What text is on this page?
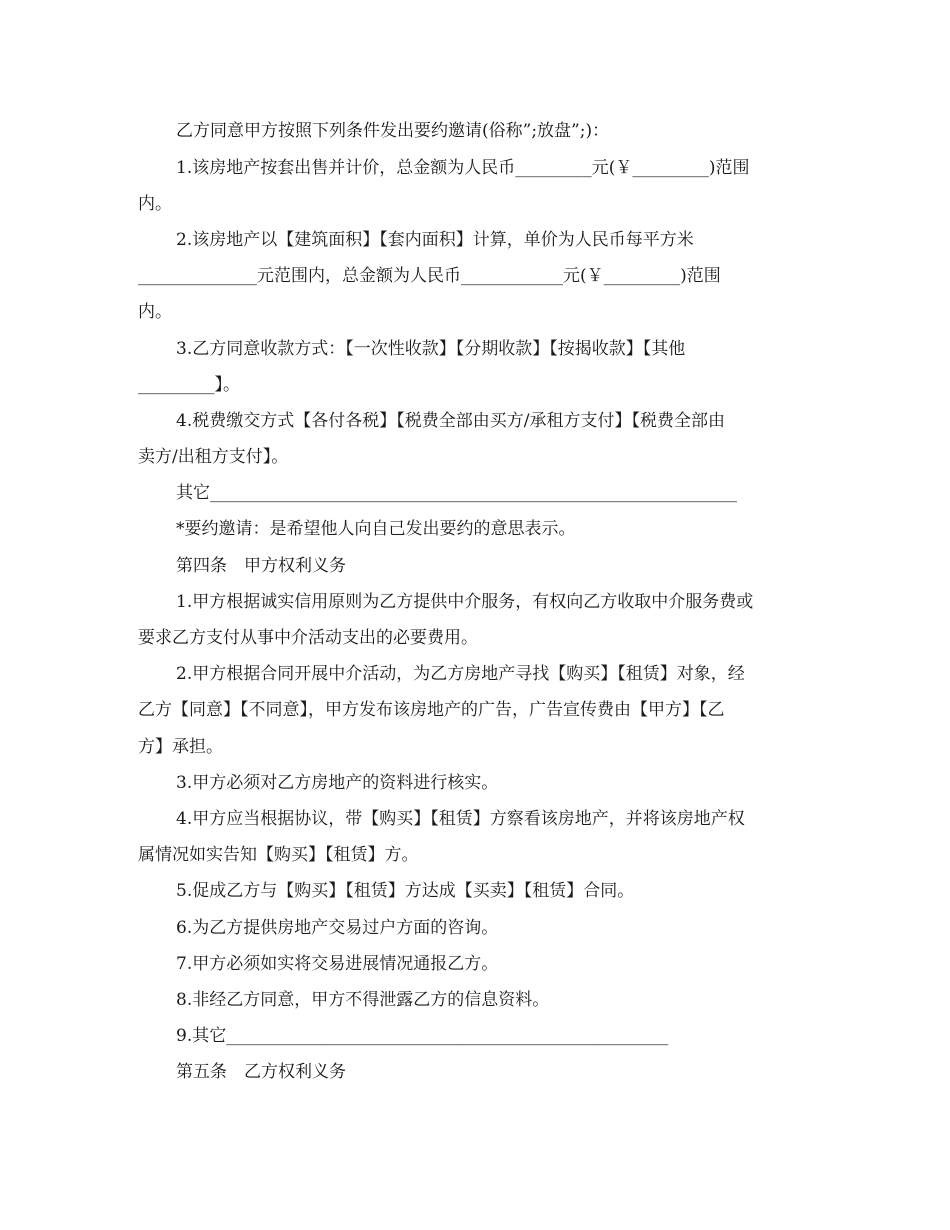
乙方同意甲方按照下列条件发出要约邀请(俗称”;放盘”;)：
1.该房地产按套出售并计价，总金额为人民币_________元(￥_________)范围
内。
2.该房地产以【建筑面积】【套内面积】计算，单价为人民币每平方米
______________元范围内，总金额为人民币____________元(￥_________)范围
内。
3.乙方同意收款方式：【一次性收款】【分期收款】【按揭收款】【其他
_________】。
4.税费缴交方式【各付各税】【税费全部由买方/承租方支付】【税费全部由
卖方/出租方支付】。
其它______________________________________________________________
*要约邀请：是希望他人向自己发出要约的意思表示。
第四条　甲方权利义务
1.甲方根据诚实信用原则为乙方提供中介服务，有权向乙方收取中介服务费或
要求乙方支付从事中介活动支出的必要费用。
2.甲方根据合同开展中介活动，为乙方房地产寻找【购买】【租赁】对象，经
乙方【同意】【不同意】，甲方发布该房地产的广告，广告宣传费由【甲方】【乙
方】承担。
3.甲方必须对乙方房地产的资料进行核实。
4.甲方应当根据协议，带【购买】【租赁】方察看该房地产，并将该房地产权
属情况如实告知【购买】【租赁】方。
5.促成乙方与【购买】【租赁】方达成【买卖】【租赁】合同。
6.为乙方提供房地产交易过户方面的咨询。
7.甲方必须如实将交易进展情况通报乙方。
8.非经乙方同意，甲方不得泄露乙方的信息资料。
9.其它____________________________________________________
第五条　乙方权利义务
